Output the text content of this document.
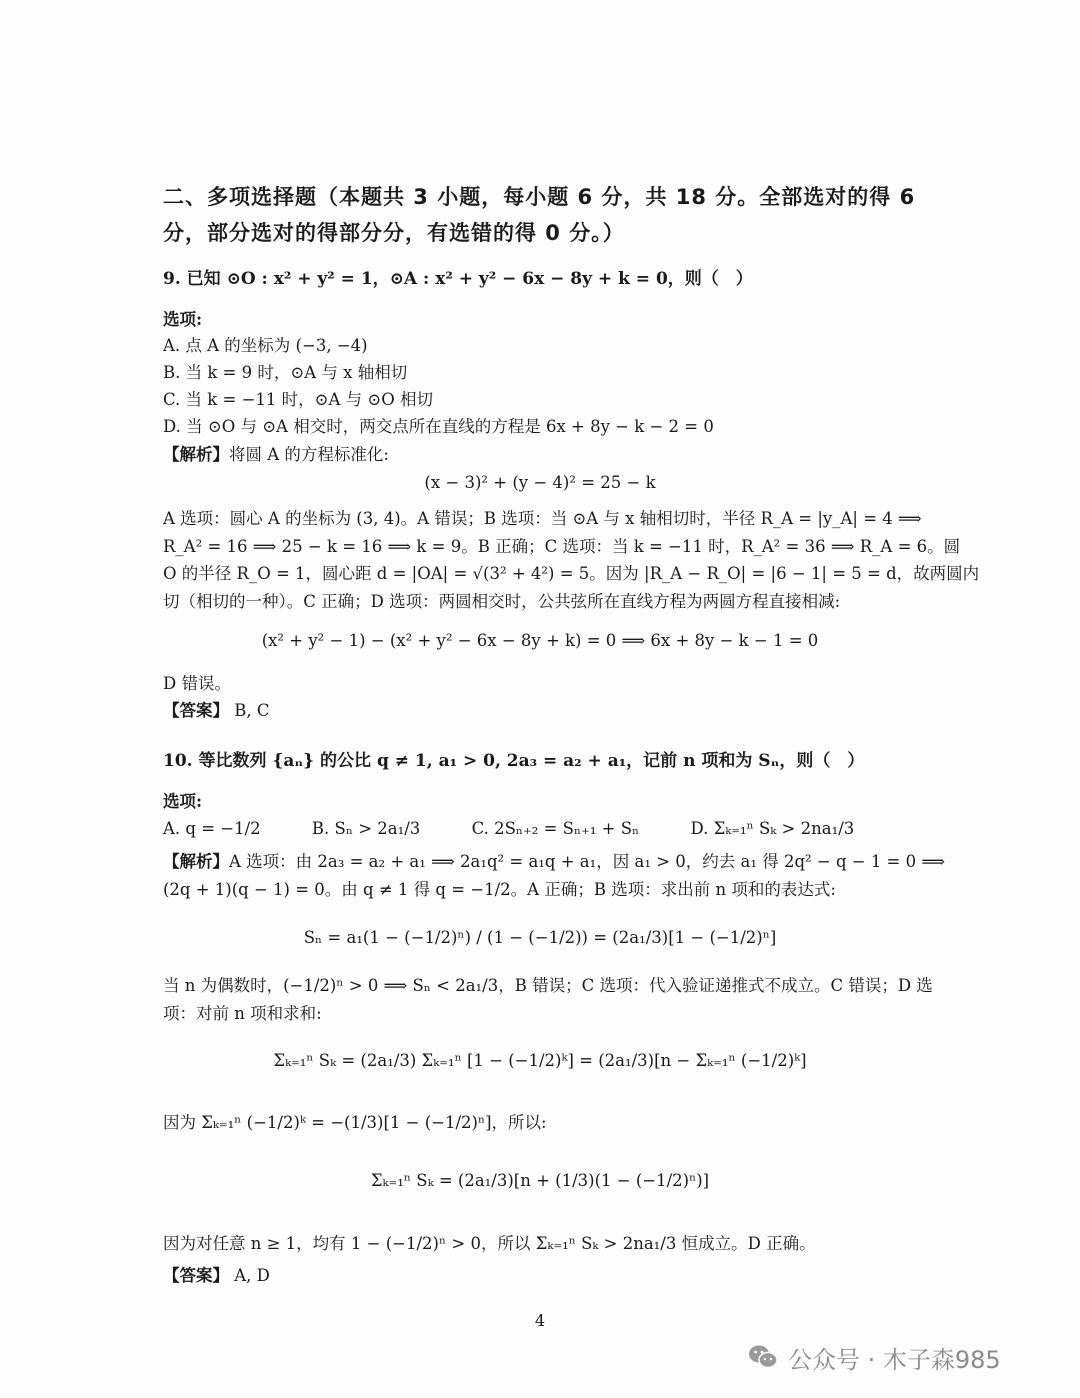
二、多项选择题（本题共 3 小题，每小题 6 分，共 18 分。全部选对的得 6
分，部分选对的得部分分，有选错的得 0 分。）
9. 已知 ⊙O : x² + y² = 1，⊙A : x² + y² − 6x − 8y + k = 0，则（　）
选项:
A. 点 A 的坐标为 (−3, −4)
B. 当 k = 9 时，⊙A 与 x 轴相切
C. 当 k = −11 时，⊙A 与 ⊙O 相切
D. 当 ⊙O 与 ⊙A 相交时，两交点所在直线的方程是 6x + 8y − k − 2 = 0
【解析】将圆 A 的方程标准化:
(x − 3)² + (y − 4)² = 25 − k
A 选项：圆心 A 的坐标为 (3, 4)。A 错误；B 选项：当 ⊙A 与 x 轴相切时，半径 R_A = |y_A| = 4 ⟹
R_A² = 16 ⟹ 25 − k = 16 ⟹ k = 9。B 正确；C 选项：当 k = −11 时，R_A² = 36 ⟹ R_A = 6。圆
O 的半径 R_O = 1，圆心距 d = |OA| = √(3² + 4²) = 5。因为 |R_A − R_O| = |6 − 1| = 5 = d，故两圆内
切（相切的一种）。C 正确；D 选项：两圆相交时，公共弦所在直线方程为两圆方程直接相减:
(x² + y² − 1) − (x² + y² − 6x − 8y + k) = 0 ⟹ 6x + 8y − k − 1 = 0
D 错误。
【答案】 B, C
10. 等比数列 {aₙ} 的公比 q ≠ 1, a₁ > 0, 2a₃ = a₂ + a₁，记前 n 项和为 Sₙ，则（　）
选项:
A. q = −1/2	B. Sₙ > 2a₁/3	C. 2Sₙ₊₂ = Sₙ₊₁ + Sₙ	D. Σₖ₌₁ⁿ Sₖ > 2na₁/3
【解析】A 选项：由 2a₃ = a₂ + a₁ ⟹ 2a₁q² = a₁q + a₁，因 a₁ > 0，约去 a₁ 得 2q² − q − 1 = 0 ⟹
(2q + 1)(q − 1) = 0。由 q ≠ 1 得 q = −1/2。A 正确；B 选项：求出前 n 项和的表达式:
Sₙ = a₁(1 − (−1/2)ⁿ) / (1 − (−1/2)) = (2a₁/3)[1 − (−1/2)ⁿ]
当 n 为偶数时，(−1/2)ⁿ > 0 ⟹ Sₙ < 2a₁/3，B 错误；C 选项：代入验证递推式不成立。C 错误；D 选
项：对前 n 项和求和:
Σₖ₌₁ⁿ Sₖ = (2a₁/3) Σₖ₌₁ⁿ [1 − (−1/2)ᵏ] = (2a₁/3)[n − Σₖ₌₁ⁿ (−1/2)ᵏ]
因为 Σₖ₌₁ⁿ (−1/2)ᵏ = −(1/3)[1 − (−1/2)ⁿ]，所以:
Σₖ₌₁ⁿ Sₖ = (2a₁/3)[n + (1/3)(1 − (−1/2)ⁿ)]
因为对任意 n ≥ 1，均有 1 − (−1/2)ⁿ > 0，所以 Σₖ₌₁ⁿ Sₖ > 2na₁/3 恒成立。D 正确。
【答案】 A, D
4
公众号 · 木子森985
